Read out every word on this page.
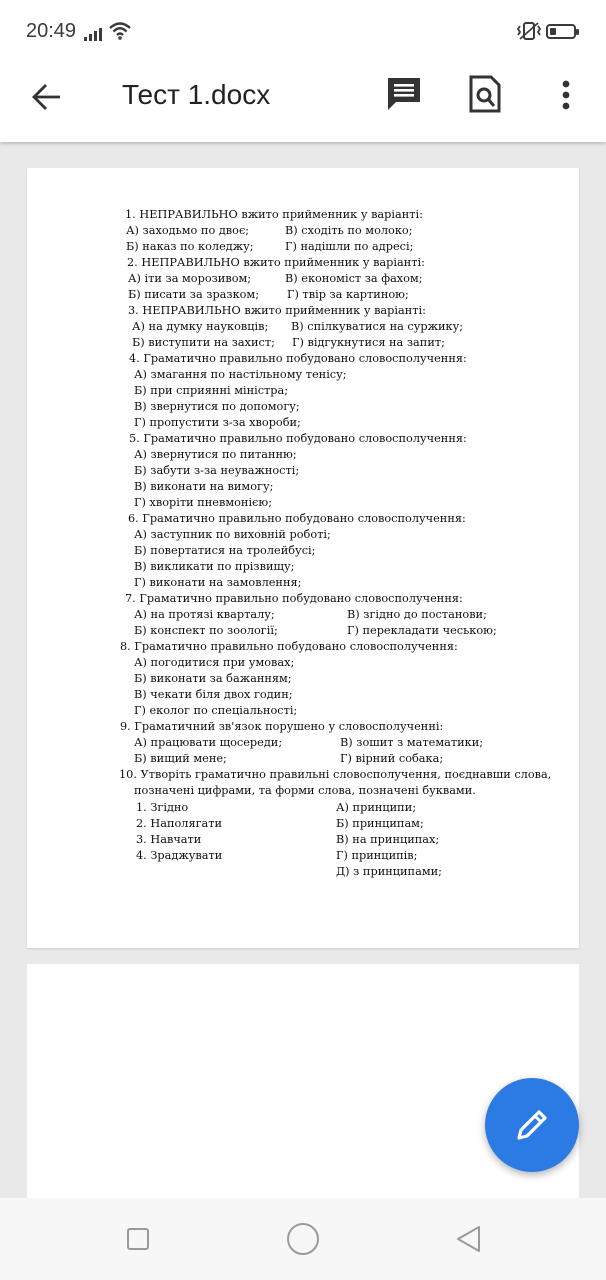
20:49
Тест 1.docx
1. НЕПРАВИЛЬНО вжито прийменник у варіанті:
А) заходьмо по двоє;	В) сходіть по молоко;
Б) наказ по коледжу;	Г) надішли по адресі;
2. НЕПРАВИЛЬНО вжито прийменник у варіанті:
А) іти за морозивом;	В) економіст за фахом;
Б) писати за зразком; Г) твір за картиною;
3. НЕПРАВИЛЬНО вжито прийменник у варіанті:
А) на думку науковців; В) спілкуватися на суржику;
Б) виступити на захист; Г) відгукнутися на запит;
4. Граматично правильно побудовано словосполучення:
А) змагання по настільному тенісу;
Б) при сприянні міністра;
В) звернутися по допомогу;
Г) пропустити з-за хвороби;
5. Граматично правильно побудовано словосполучення:
А) звернутися по питанню;
Б) забути з-за неуважності;
В) виконати на вимогу;
Г) хворіти пневмонією;
6. Граматично правильно побудовано словосполучення:
А) заступник по виховній роботі;
Б) повертатися на тролейбусі;
В) викликати по прізвищу;
Г) виконати на замовлення;
7. Граматично правильно побудовано словосполучення:
А) на протязі кварталу;	В) згідно до постанови;
Б) конспект по зоології;	Г) перекладати чеською;
8. Граматично правильно побудовано словосполучення:
А) погодитися при умовах;
Б) виконати за бажанням;
В) чекати біля двох годин;
Г) еколог по спеціальності;
9. Граматичний зв'язок порушено у словосполученні:
А) працювати щосереди;	В) зошит з математики;
Б) вищий мене;	Г) вірний собака;
10. Утворіть граматично правильні словосполучення, поєднавши слова,
позначені цифрами, та форми слова, позначені буквами.
1. Згідно	А) принципи;
2. Наполягати	Б) принципам;
3. Навчати	В) на принципах;
4. Зраджувати	Г) принципів;
Д) з принципами;
